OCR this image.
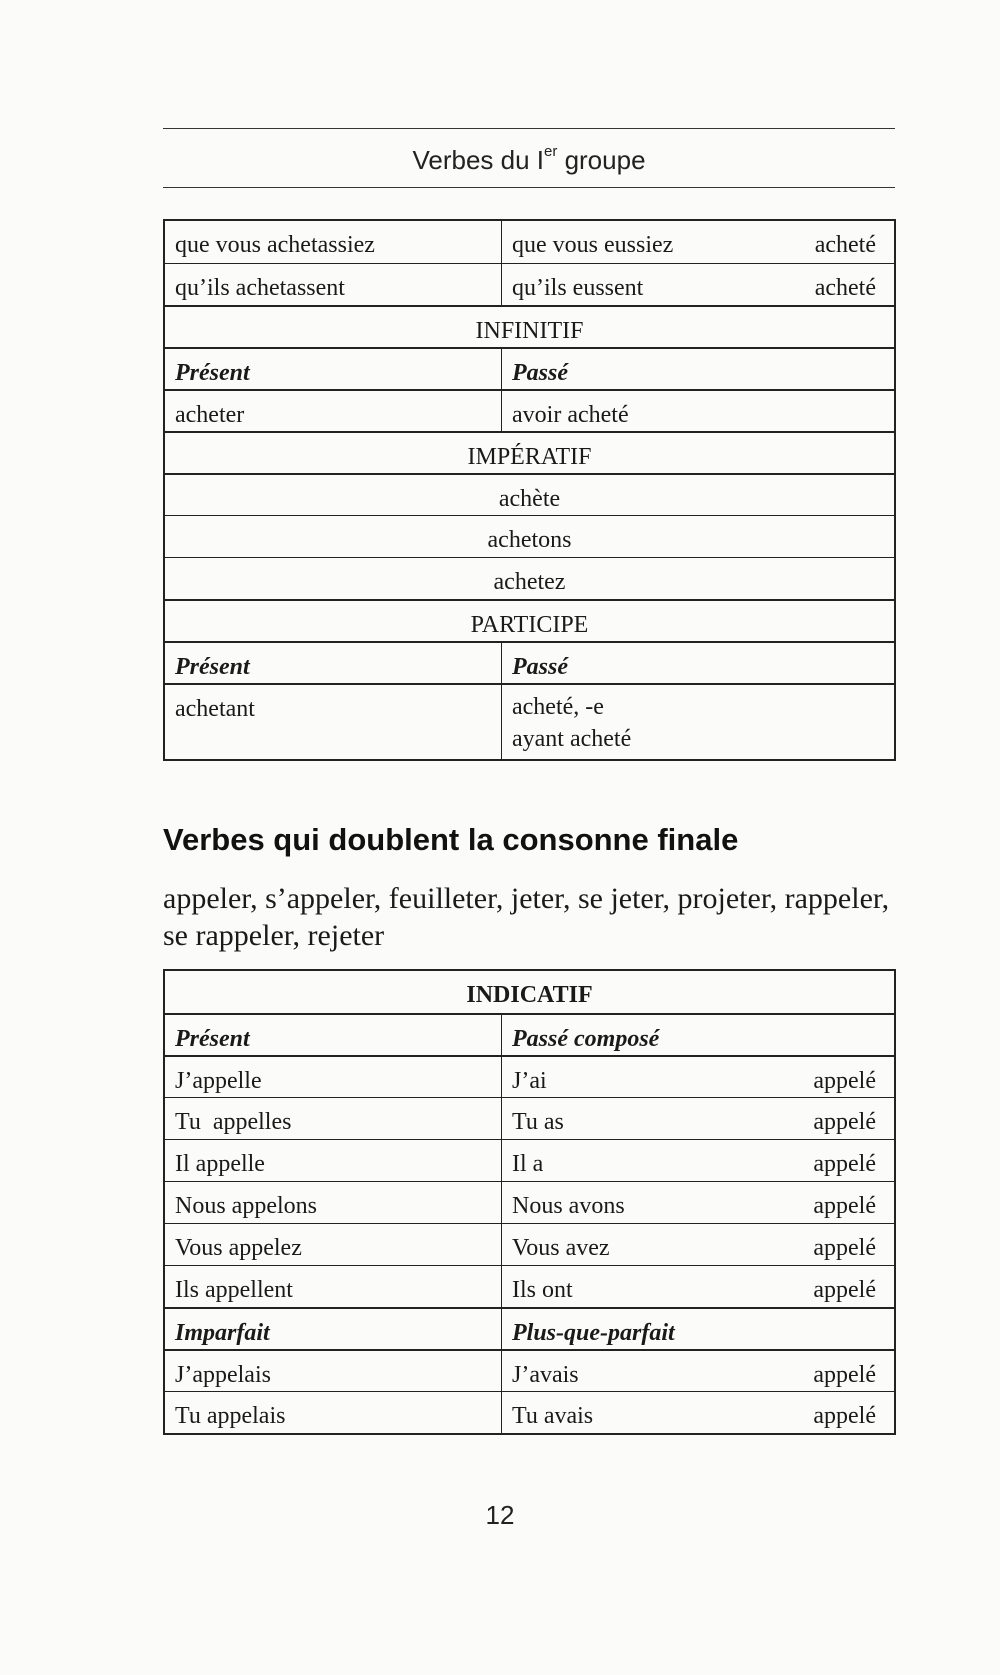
Verbes du Ier groupe
que vous achetassiez	que vous eussiez	acheté
qu’ils achetassent	qu’ils eussent	acheté
INFINITIF
Présent	Passé
acheter	avoir acheté
IMPÉRATIF
achète
achetons
achetez
PARTICIPE
Présent	Passé
achetant	acheté, -e
ayant acheté
Verbes qui doublent la consonne finale
appeler, s’appeler, feuilleter, jeter, se jeter, projeter, rappeler, se rappeler, rejeter
INDICATIF
Présent	Passé composé
J’appelle	J’ai	appelé
Tu  appelles	Tu as	appelé
Il appelle	Il a	appelé
Nous appelons	Nous avons	appelé
Vous appelez	Vous avez	appelé
Ils appellent	Ils ont	appelé
Imparfait	Plus-que-parfait
J’appelais	J’avais	appelé
Tu appelais	Tu avais	appelé
12
